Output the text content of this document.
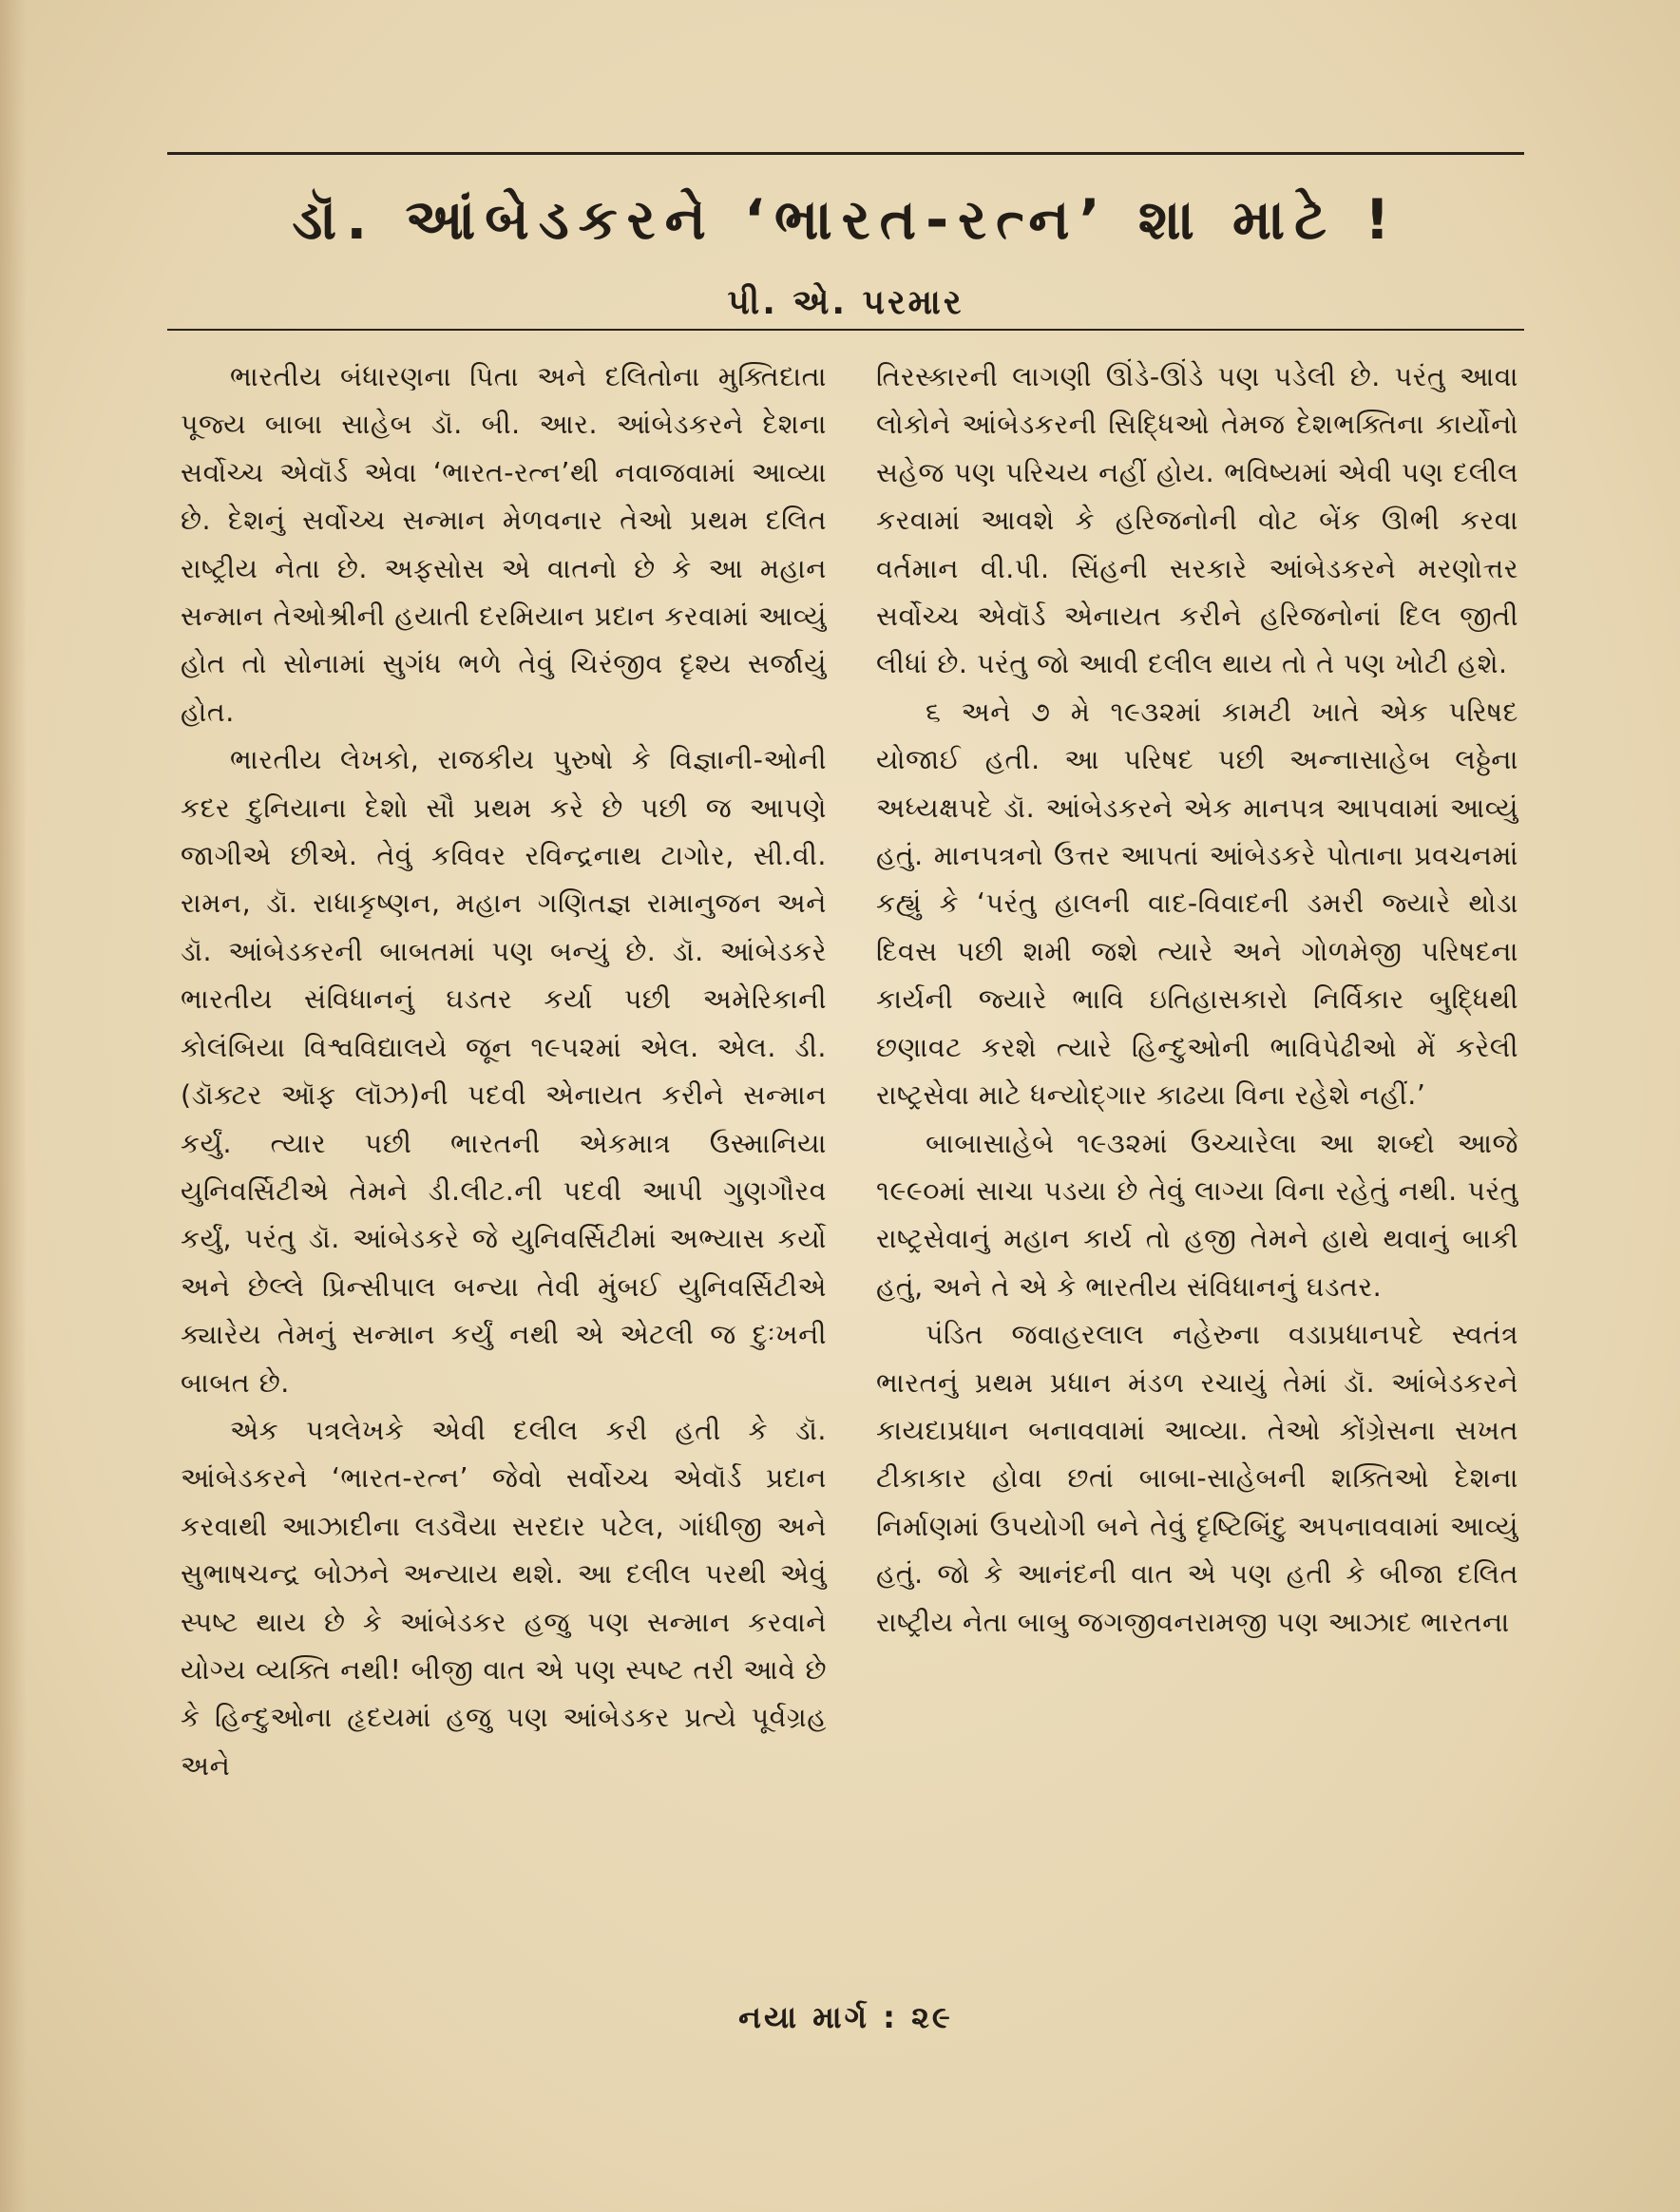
ડૉ. આંબેડકરને ‘ભારત-રત્ન’ શા માટે !
પી. એ. પરમાર

ભારતીય બંધારણના પિતા અને દલિતોના મુક્તિદાતા પૂજ્ય બાબા સાહેબ ડૉ. બી. આર. આંબેડકરને દેશના સર્વોચ્ચ એવૉર્ડ એવા ‘ભારત-રત્ન’થી નવાજવામાં આવ્યા છે. દેશનું સર્વોચ્ચ સન્માન મેળવનાર તેઓ પ્રથમ દલિત રાષ્ટ્રીય નેતા છે. અફસોસ એ વાતનો છે કે આ મહાન સન્માન તેઓશ્રીની હયાતી દરમિયાન પ્રદાન કરવામાં આવ્યું હોત તો સોનામાં સુગંધ ભળે તેવું ચિરંજીવ દૃશ્ય સર્જાયું હોત.

ભારતીય લેખકો, રાજકીય પુરુષો કે વિજ્ઞાની-ઓની કદર દુનિયાના દેશો સૌ પ્રથમ કરે છે પછી જ આપણે જાગીએ છીએ. તેવું કવિવર રવિન્દ્રનાથ ટાગોર, સી.વી. રામન, ડૉ. રાધાકૃષ્ણન, મહાન ગણિતજ્ઞ રામાનુજન અને ડૉ. આંબેડકરની બાબતમાં પણ બન્યું છે. ડૉ. આંબેડકરે ભારતીય સંવિધાનનું ઘડતર કર્યા પછી અમેરિકાની કોલંબિયા વિશ્વવિદ્યાલયે જૂન ૧૯૫૨માં એલ. એલ. ડી. (ડૉક્ટર ઑફ લૉઝ)ની પદવી એનાયત કરીને સન્માન કર્યું. ત્યાર પછી ભારતની એકમાત્ર ઉસ્માનિયા યુનિવર્સિટીએ તેમને ડી.લીટ.ની પદવી આપી ગુણગૌરવ કર્યું, પરંતુ ડૉ. આંબેડકરે જે યુનિવર્સિટીમાં અભ્યાસ કર્યો અને છેલ્લે પ્રિન્સીપાલ બન્યા તેવી મુંબઈ યુનિવર્સિટીએ ક્યારેય તેમનું સન્માન કર્યું નથી એ એટલી જ દુઃખની બાબત છે.

એક પત્રલેખકે એવી દલીલ કરી હતી કે ડૉ. આંબેડકરને ‘ભારત-રત્ન’ જેવો સર્વોચ્ચ એવૉર્ડ પ્રદાન કરવાથી આઝાદીના લડવૈયા સરદાર પટેલ, ગાંધીજી અને સુભાષચન્દ્ર બોઝને અન્યાય થશે. આ દલીલ પરથી એવું સ્પષ્ટ થાય છે કે આંબેડકર હજુ પણ સન્માન કરવાને યોગ્ય વ્યક્તિ નથી! બીજી વાત એ પણ સ્પષ્ટ તરી આવે છે કે હિન્દુઓના હૃદયમાં હજુ પણ આંબેડકર પ્રત્યે પૂર્વગ્રહ અને

તિરસ્કારની લાગણી ઊંડે-ઊંડે પણ પડેલી છે. પરંતુ આવા લોકોને આંબેડકરની સિદ્ધિઓ તેમજ દેશભક્તિના કાર્યોનો સહેજ પણ પરિચય નહીં હોય. ભવિષ્યમાં એવી પણ દલીલ કરવામાં આવશે કે હરિજનોની વોટ બેંક ઊભી કરવા વર્તમાન વી.પી. સિંહની સરકારે આંબેડકરને મરણોત્તર સર્વોચ્ચ એવૉર્ડ એનાયત કરીને હરિજનોનાં દિલ જીતી લીધાં છે. પરંતુ જો આવી દલીલ થાય તો તે પણ ખોટી હશે.

૬ અને ૭ મે ૧૯૩૨માં કામટી ખાતે એક પરિષદ યોજાઈ હતી. આ પરિષદ પછી અન્નાસાહેબ લઠ્ઠેના અધ્યક્ષપદે ડૉ. આંબેડકરને એક માનપત્ર આપવામાં આવ્યું હતું. માનપત્રનો ઉત્તર આપતાં આંબેડકરે પોતાના પ્રવચનમાં કહ્યું કે ‘પરંતુ હાલની વાદ-વિવાદની ડમરી જ્યારે થોડા દિવસ પછી શમી જશે ત્યારે અને ગોળમેજી પરિષદના કાર્યની જ્યારે ભાવિ ઇતિહાસકારો નિર્વિકાર બુદ્ધિથી છણાવટ કરશે ત્યારે હિન્દુઓની ભાવિપેઢીઓ મેં કરેલી રાષ્ટ્રસેવા માટે ધન્યોદ્ગાર કાઢયા વિના રહેશે નહીં.’

બાબાસાહેબે ૧૯૩૨માં ઉચ્ચારેલા આ શબ્દો આજે ૧૯૯૦માં સાચા પડયા છે તેવું લાગ્યા વિના રહેતું નથી. પરંતુ રાષ્ટ્રસેવાનું મહાન કાર્ય તો હજી તેમને હાથે થવાનું બાકી હતું, અને તે એ કે ભારતીય સંવિધાનનું ઘડતર.

પંડિત જવાહરલાલ નહેરુના વડાપ્રધાનપદે સ્વતંત્ર ભારતનું પ્રથમ પ્રધાન મંડળ રચાયું તેમાં ડૉ. આંબેડકરને કાયદાપ્રધાન બનાવવામાં આવ્યા. તેઓ કોંગ્રેસના સખત ટીકાકાર હોવા છતાં બાબા-સાહેબની શક્તિઓ દેશના નિર્માણમાં ઉપયોગી બને તેવું દૃષ્ટિબિંદુ અપનાવવામાં આવ્યું હતું. જો કે આનંદની વાત એ પણ હતી કે બીજા દલિત રાષ્ટ્રીય નેતા બાબુ જગજીવનરામજી પણ આઝાદ ભારતના

નયા માર્ગ : ૨૯
